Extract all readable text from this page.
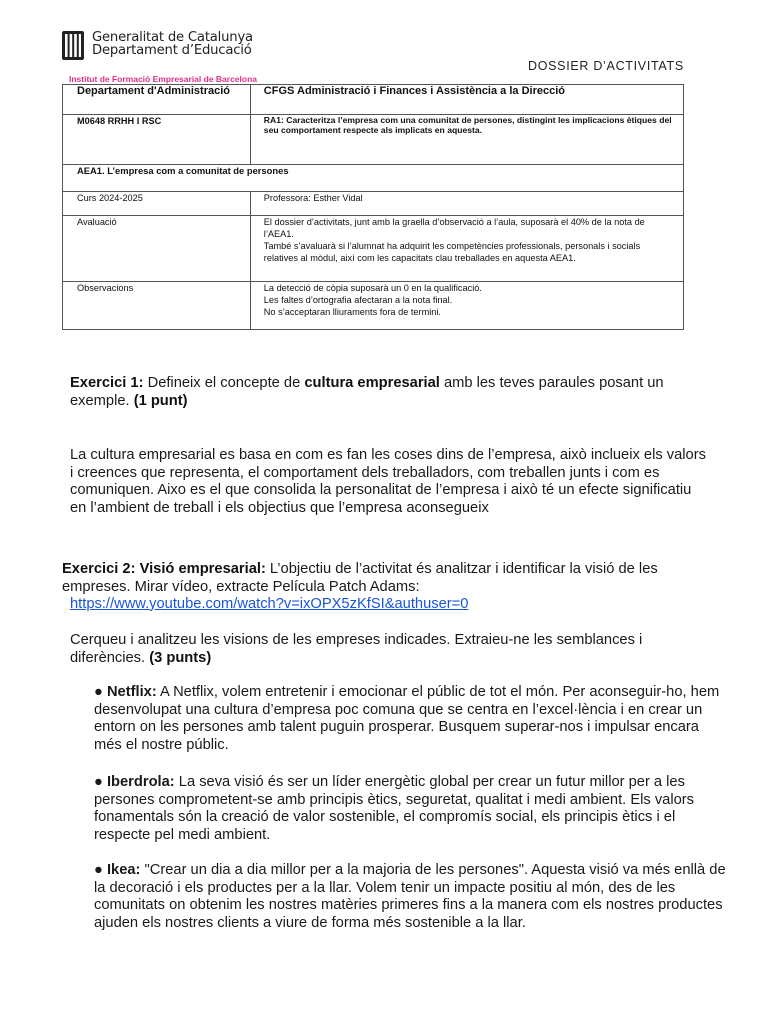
Generalitat de Catalunya
Departament d’Educació
DOSSIER D’ACTIVITATS
Institut de Formació Empresarial de Barcelona
Departament d'Administració	CFGS Administració i Finances i Assistència a la Direcció
M0648 RRHH I RSC	RA1: Caracteritza l’empresa com una comunitat de persones, distingint les implicacions ètiques del seu comportament respecte als implicats en aquesta.
AEA1. L’empresa com a comunitat de persones	
Curs 2024-2025	Professora: Esther Vidal
Avaluació	El dossier d’activitats, junt amb la graella d’observació a l’aula, suposarà el 40% de la nota de l’AEA1.
També s’avaluarà si l’alumnat ha adquirit les competències professionals, personals i socials relatives al mòdul, així com les capacitats clau treballades en aquesta AEA1.

Observacions	La detecció de còpia suposarà un 0 en la qualificació.
Les faltes d’ortografia afectaran a la nota final.
No s’acceptaran lliuraments fora de termini.
Exercici 1: Defineix el concepte de cultura empresarial amb les teves paraules posant un exemple. (1 punt)
La cultura empresarial es basa en com es fan les coses dins de l’empresa, això inclueix els valors i creences que representa, el comportament dels treballadors, com treballen junts i com es comuniquen. Aixo es el que consolida la personalitat de l’empresa i això té un efecte significatiu en l’ambient de treball i els objectius que l’empresa aconsegueix
Exercici 2: Visió empresarial: L’objectiu de l’activitat és analitzar i identificar la visió de les empreses. Mirar vídeo, extracte Película Patch Adams:
https://www.youtube.com/watch?v=ixOPX5zKfSI&authuser=0
Cerqueu i analitzeu les visions de les empreses indicades. Extraieu-ne les semblances i diferències. (3 punts)
● Netflix: A Netflix, volem entretenir i emocionar el públic de tot el món. Per aconseguir-ho, hem desenvolupat una cultura d’empresa poc comuna que se centra en l’excel·lència i en crear un entorn on les persones amb talent puguin prosperar. Busquem superar-nos i impulsar encara més el nostre públic.
● Iberdrola: La seva visió és ser un líder energètic global per crear un futur millor per a les persones comprometent-se amb principis ètics, seguretat, qualitat i medi ambient. Els valors fonamentals són la creació de valor sostenible, el compromís social, els principis ètics i el respecte pel medi ambient.
● Ikea: "Crear un dia a dia millor per a la majoria de les persones". Aquesta visió va més enllà de la decoració i els productes per a la llar. Volem tenir un impacte positiu al món, des de les comunitats on obtenim les nostres matèries primeres fins a la manera com els nostres productes ajuden els nostres clients a viure de forma més sostenible a la llar.
